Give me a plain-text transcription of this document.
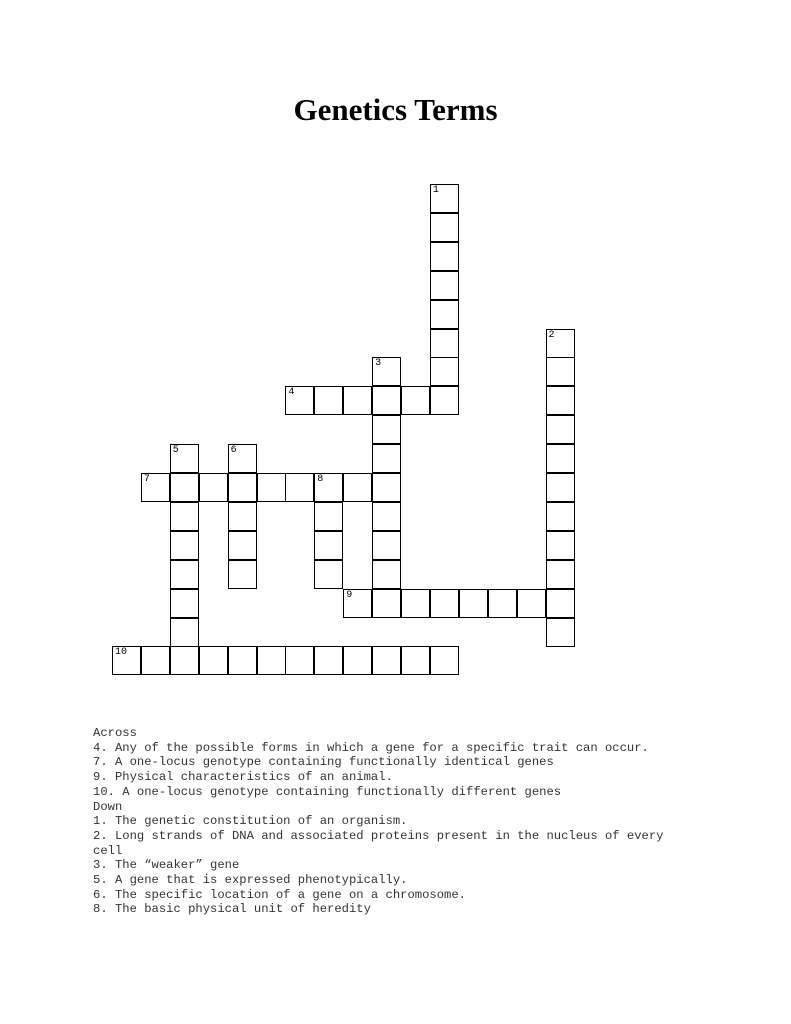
Genetics Terms
1
2
3
4
5	6
7	8
9
10
Across
4. Any of the possible forms in which a gene for a specific trait can occur.
7. A one-locus genotype containing functionally identical genes
9. Physical characteristics of an animal.
10. A one-locus genotype containing functionally different genes
Down
1. The genetic constitution of an organism.
2. Long strands of DNA and associated proteins present in the nucleus of every cell
3. The “weaker” gene
5. A gene that is expressed phenotypically.
6. The specific location of a gene on a chromosome.
8. The basic physical unit of heredity
